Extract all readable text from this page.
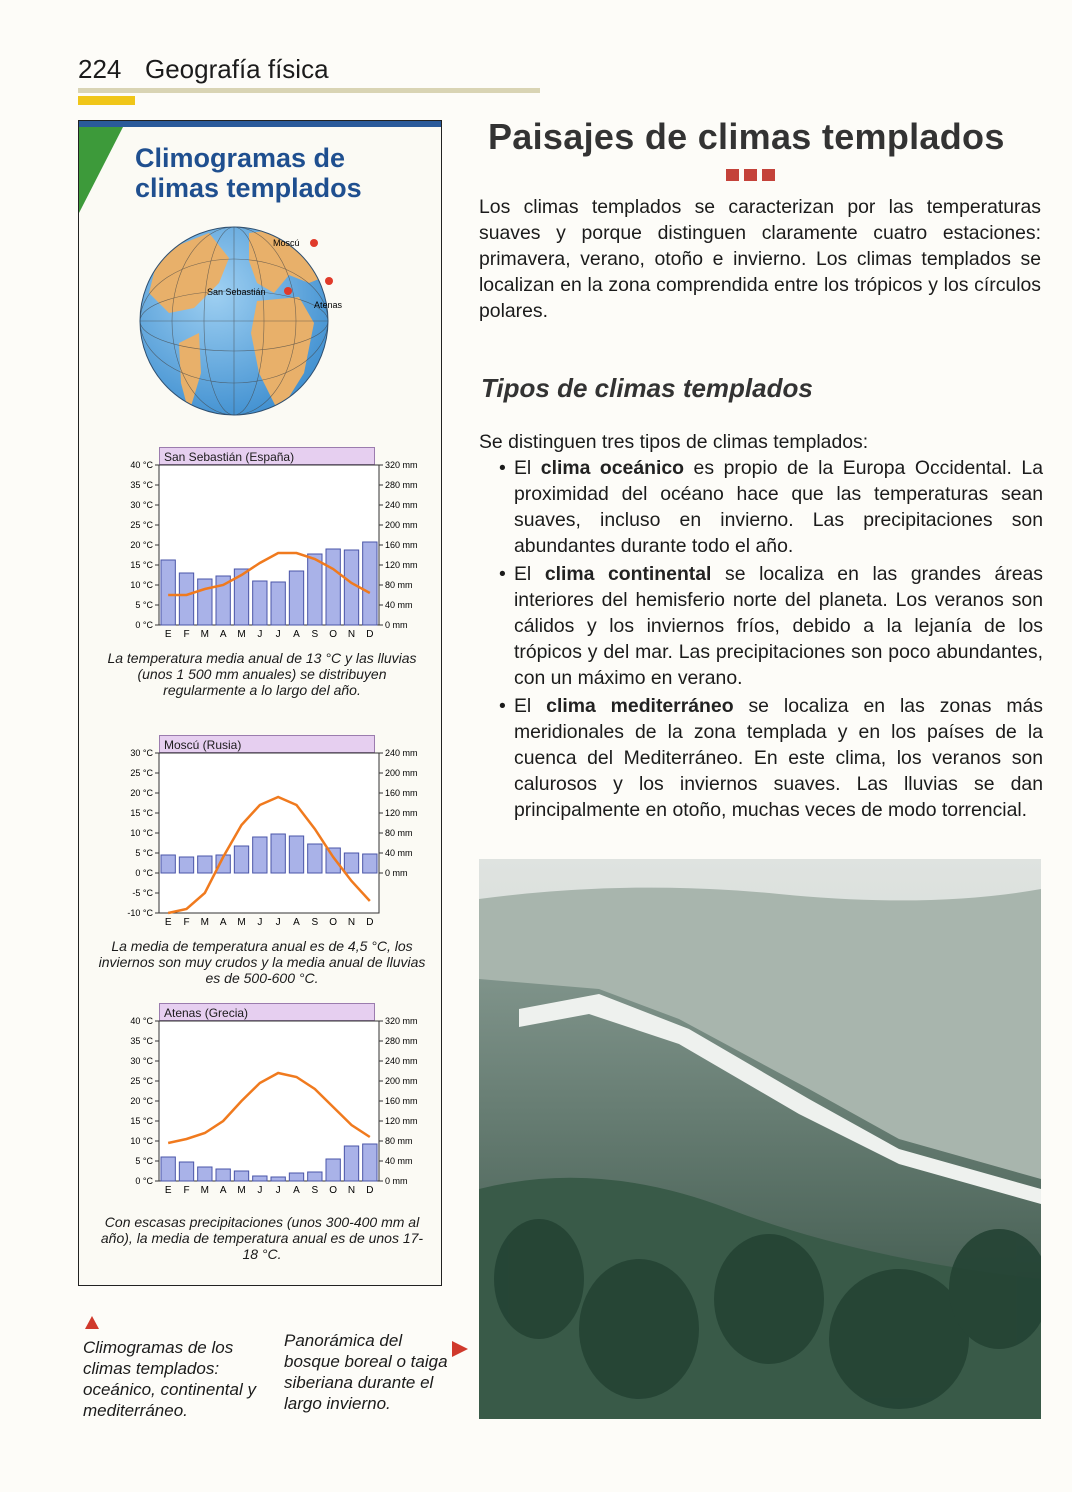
224 Geografía física
Climogramas de
climas templados
Moscú
San Sebastián
Atenas
San Sebastián (España)
40 °C
35 °C
30 °C
25 °C
20 °C
15 °C
10 °C
5 °C
0 °C
320 mm
280 mm
240 mm
200 mm
160 mm
120 mm
80 mm
40 mm
0 mm
E F M A M J J A S O N D
La temperatura media anual de 13 °C y las lluvias (unos 1 500 mm anuales) se distribuyen regularmente a lo largo del año.
Moscú (Rusia)
30 °C
25 °C
20 °C
15 °C
10 °C
5 °C
0 °C
-5 °C
-10 °C
240 mm
200 mm
160 mm
120 mm
80 mm
40 mm
0 mm
E F M A M J J A S O N D
La media de temperatura anual es de 4,5 °C, los inviernos son muy crudos y la media anual de lluvias es de 500-600 °C.
Atenas (Grecia)
40 °C
35 °C
30 °C
25 °C
20 °C
15 °C
10 °C
5 °C
0 °C
320 mm
280 mm
240 mm
200 mm
160 mm
120 mm
80 mm
40 mm
0 mm
E F M A M J J A S O N D
Con escasas precipitaciones (unos 300-400 mm al año), la media de temperatura anual es de unos 17-18 °C.
Paisajes de climas templados
Los climas templados se caracterizan por las temperaturas suaves y porque distinguen claramente cuatro estaciones: primavera, verano, otoño e invierno. Los climas templados se localizan en la zona comprendida entre los trópicos y los círculos polares.
Tipos de climas templados
Se distinguen tres tipos de climas templados:
• El clima oceánico es propio de la Europa Occidental. La proximidad del océano hace que las temperaturas sean suaves, incluso en invierno. Las precipitaciones son abundantes durante todo el año.
• El clima continental se localiza en las grandes áreas interiores del hemisferio norte del planeta. Los veranos son cálidos y los inviernos fríos, debido a la lejanía de los trópicos y del mar. Las precipitaciones son poco abundantes, con un máximo en verano.
• El clima mediterráneo se localiza en las zonas más meridionales de la zona templada y en los países de la cuenca del Mediterráneo. En este clima, los veranos son calurosos y los inviernos suaves. Las lluvias se dan principalmente en otoño, muchas veces de modo torrencial.
Climogramas de los climas templados: oceánico, continental y mediterráneo.
Panorámica del bosque boreal o taiga siberiana durante el largo invierno.
